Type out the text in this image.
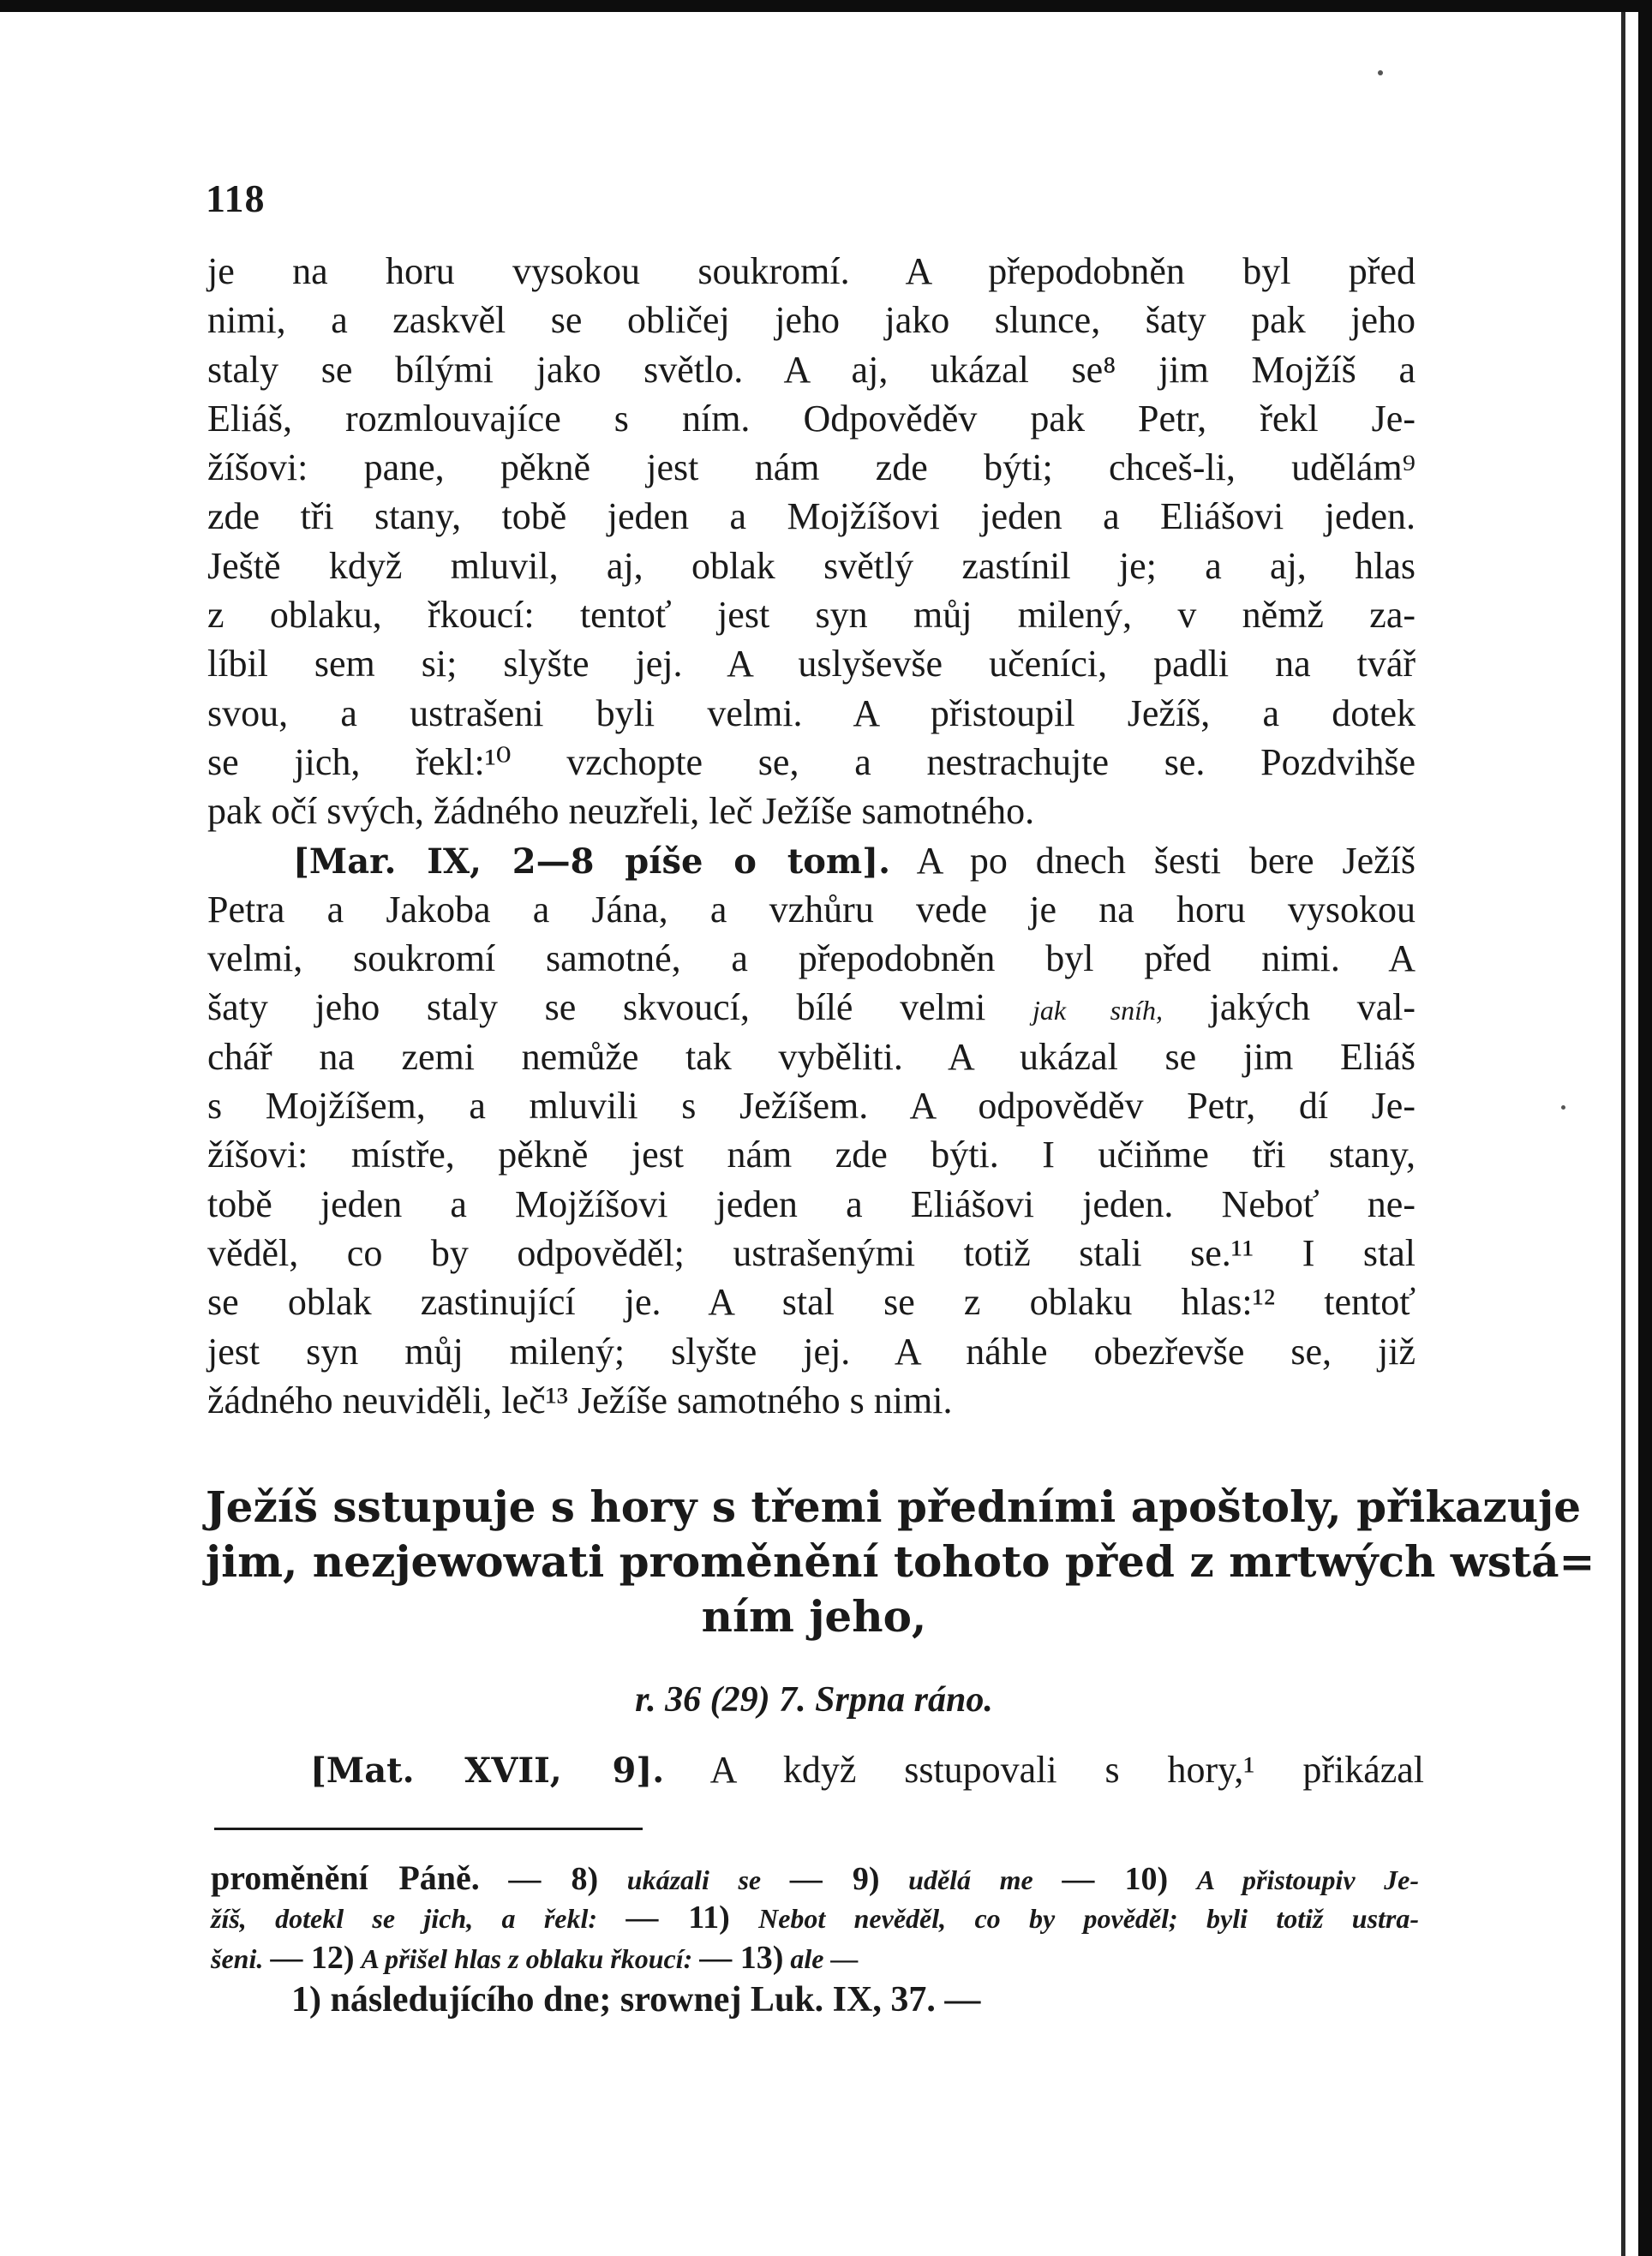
118
je na horu vysokou soukromí. A přepodobněn byl před
nimi, a zaskvěl se obličej jeho jako slunce, šaty pak jeho
staly se bílými jako světlo. A aj, ukázal se⁸ jim Mojžíš a
Eliáš, rozmlouvajíce s ním. Odpověděv pak Petr, řekl Je-
žíšovi: pane, pěkně jest nám zde býti; chceš-li, udělám⁹
zde tři stany, tobě jeden a Mojžíšovi jeden a Eliášovi jeden.
Ještě když mluvil, aj, oblak světlý zastínil je; a aj, hlas
z oblaku, řkoucí: tentoť jest syn můj milený, v němž za-
líbil sem si; slyšte jej. A uslyševše učeníci, padli na tvář
svou, a ustrašeni byli velmi. A přistoupil Ježíš, a dotek
se jich, řekl:¹⁰ vzchopte se, a nestrachujte se. Pozdvihše
pak očí svých, žádného neuzřeli, leč Ježíše samotného.
[Mar. IX, 2—8 píše o tom]. A po dnech šesti bere Ježíš
Petra a Jakoba a Jána, a vzhůru vede je na horu vysokou
velmi, soukromí samotné, a přepodobněn byl před nimi. A
šaty jeho staly se skvoucí, bílé velmi jak sníh, jakých val-
chář na zemi nemůže tak vyběliti. A ukázal se jim Eliáš
s Mojžíšem, a mluvili s Ježíšem. A odpověděv Petr, dí Je-
žíšovi: místře, pěkně jest nám zde býti. I učiňme tři stany,
tobě jeden a Mojžíšovi jeden a Eliášovi jeden. Neboť ne-
věděl, co by odpověděl; ustrašenými totiž stali se.¹¹ I stal
se oblak zastinující je. A stal se z oblaku hlas:¹² tentoť
jest syn můj milený; slyšte jej. A náhle obezřevše se, již
žádného neuviděli, leč¹³ Ježíše samotného s nimi.
Ježíš sstupuje s hory s třemi předními apoštoly, přikazuje
jim, nezjewowati proměnění tohoto před z mrtwých wstá=
ním jeho,
r. 36 (29) 7. Srpna ráno.
[Mat. XVII, 9]. A když sstupovali s hory,¹ přikázal
proměnění Páně. — 8) ukázali se — 9) udělá me — 10) A přistoupiv Je-
žíš, dotekl se jich, a řekl: — 11) Nebot nevěděl, co by pověděl; byli totiž ustra-
šeni. — 12) A přišel hlas z oblaku řkoucí: — 13) ale —
1) následujícího dne; srownej Luk. IX, 37. —
